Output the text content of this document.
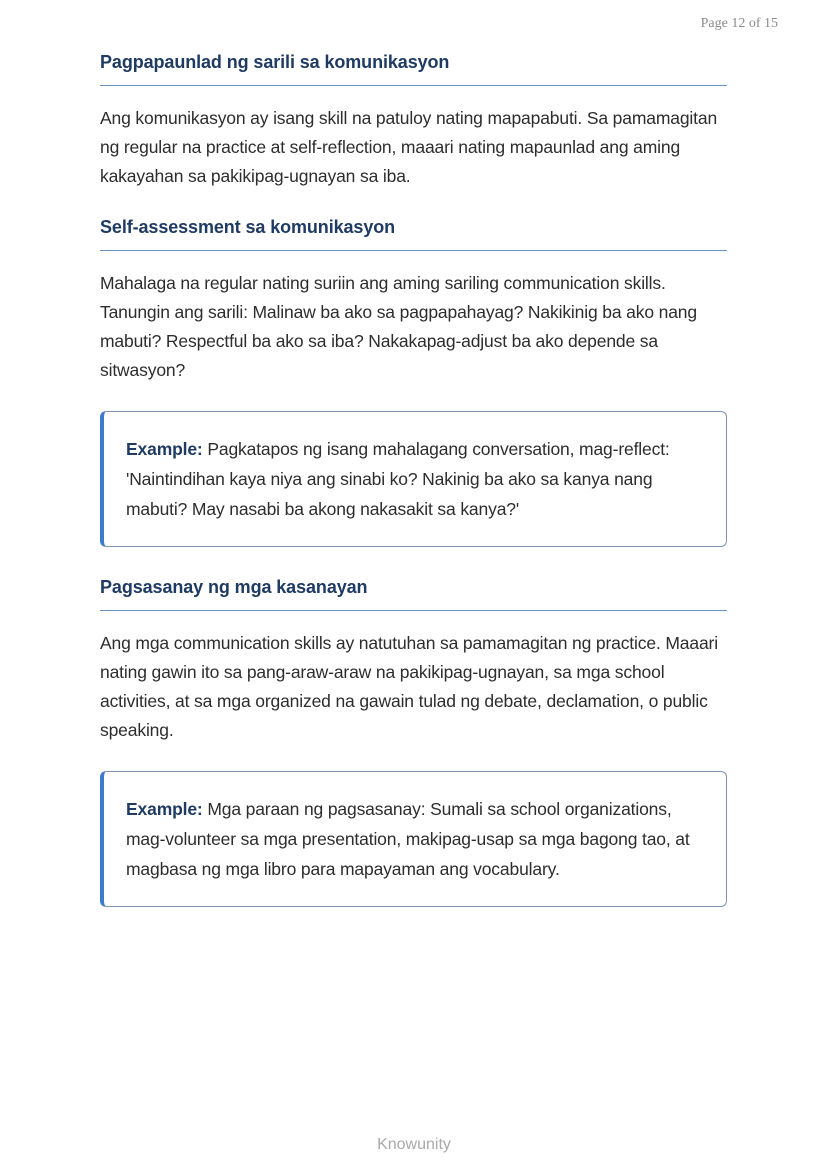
Page 12 of 15
Pagpapaunlad ng sarili sa komunikasyon

Ang komunikasyon ay isang skill na patuloy nating mapapabuti. Sa pamamagitan ng regular na practice at self-reflection, maaari nating mapaunlad ang aming kakayahan sa pakikipag-ugnayan sa iba.

Self-assessment sa komunikasyon

Mahalaga na regular nating suriin ang aming sariling communication skills. Tanungin ang sarili: Malinaw ba ako sa pagpapahayag? Nakikinig ba ako nang mabuti? Respectful ba ako sa iba? Nakakapag-adjust ba ako depende sa sitwasyon?

Example: Pagkatapos ng isang mahalagang conversation, mag-reflect: 'Naintindihan kaya niya ang sinabi ko? Nakinig ba ako sa kanya nang mabuti? May nasabi ba akong nakasakit sa kanya?'
Pagsasanay ng mga kasanayan

Ang mga communication skills ay natutuhan sa pamamagitan ng practice. Maaari nating gawin ito sa pang-araw-araw na pakikipag-ugnayan, sa mga school activities, at sa mga organized na gawain tulad ng debate, declamation, o public speaking.

Example: Mga paraan ng pagsasanay: Sumali sa school organizations, mag-volunteer sa mga presentation, makipag-usap sa mga bagong tao, at magbasa ng mga libro para mapayaman ang vocabulary.
Knowunity
